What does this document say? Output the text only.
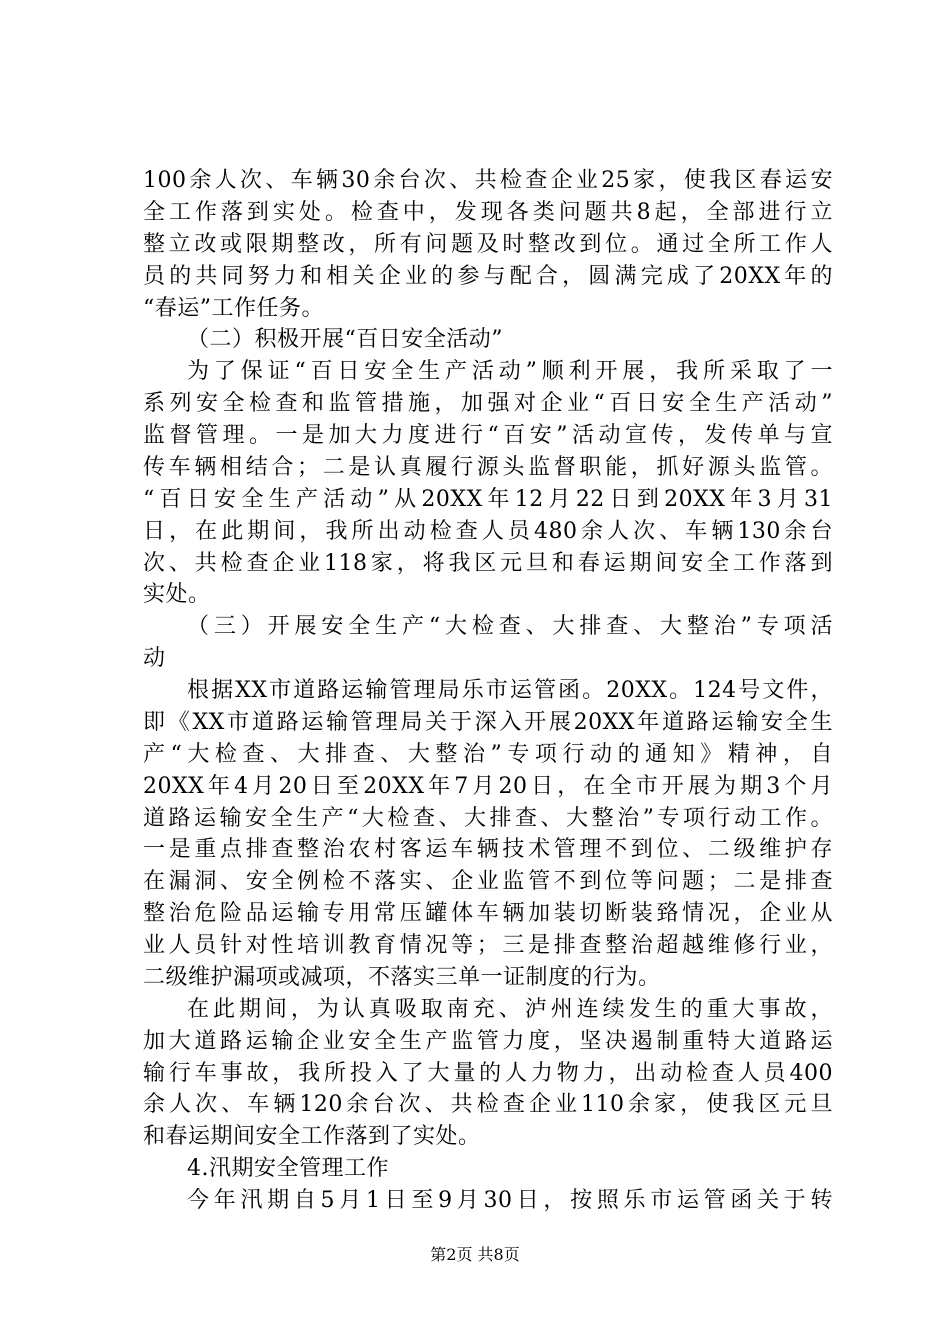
100余人次、车辆30余台次、共检查企业25家，使我区春运安
全工作落到实处。检查中，发现各类问题共8起，全部进行立
整立改或限期整改，所有问题及时整改到位。通过全所工作人
员的共同努力和相关企业的参与配合，圆满完成了20XX年的
“春运”工作任务。
（二）积极开展“百日安全活动”
为了保证“百日安全生产活动”顺利开展，我所采取了一
系列安全检查和监管措施，加强对企业“百日安全生产活动”
监督管理。一是加大力度进行“百安”活动宣传，发传单与宣
传车辆相结合；二是认真履行源头监督职能，抓好源头监管。
“百日安全生产活动”从20XX年12月22日到20XX年3月31
日，在此期间，我所出动检查人员480余人次、车辆130余台
次、共检查企业118家，将我区元旦和春运期间安全工作落到
实处。
（三）开展安全生产“大检查、大排查、大整治”专项活
动
根据XX市道路运输管理局乐市运管函。20XX。124号文件，
即《XX市道路运输管理局关于深入开展20XX年道路运输安全生
产“大检查、大排查、大整治”专项行动的通知》精神，自
20XX年4月20日至20XX年7月20日，在全市开展为期3个月
道路运输安全生产“大检查、大排查、大整治”专项行动工作。
一是重点排查整治农村客运车辆技术管理不到位、二级维护存
在漏洞、安全例检不落实、企业监管不到位等问题；二是排查
整治危险品运输专用常压罐体车辆加装切断装臵情况，企业从
业人员针对性培训教育情况等；三是排查整治超越维修行业，
二级维护漏项或减项，不落实三单一证制度的行为。
在此期间，为认真吸取南充、泸州连续发生的重大事故，
加大道路运输企业安全生产监管力度，坚决遏制重特大道路运
输行车事故，我所投入了大量的人力物力，出动检查人员400
余人次、车辆120余台次、共检查企业110余家，使我区元旦
和春运期间安全工作落到了实处。
4.汛期安全管理工作
今年汛期自5月1日至9月30日，按照乐市运管函关于转
第2页 共8页
